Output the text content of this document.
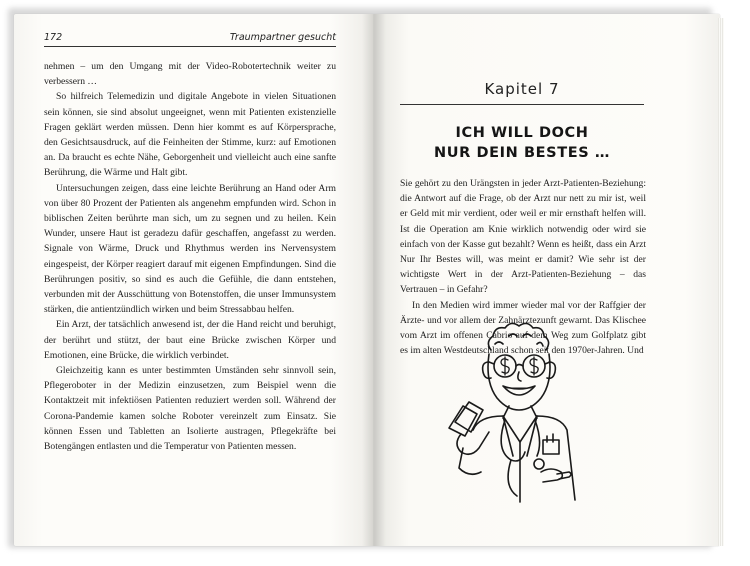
172	Traumpartner gesucht

nehmen – um den Umgang mit der Video-Robotertechnik weiter zu verbessern …

So hilfreich Telemedizin und digitale Angebote in vielen Situationen sein können, sie sind absolut ungeeignet, wenn mit Patienten existenzielle Fragen geklärt werden müssen. Denn hier kommt es auf Körpersprache, den Gesichtsausdruck, auf die Feinheiten der Stimme, kurz: auf Emotionen an. Da braucht es echte Nähe, Geborgenheit und vielleicht auch eine sanfte Berührung, die Wärme und Halt gibt.

Untersuchungen zeigen, dass eine leichte Berührung an Hand oder Arm von über 80 Prozent der Patienten als angenehm empfunden wird. Schon in biblischen Zeiten berührte man sich, um zu segnen und zu heilen. Kein Wunder, unsere Haut ist geradezu dafür geschaffen, angefasst zu werden. Signale von Wärme, Druck und Rhythmus werden ins Nervensystem eingespeist, der Körper reagiert darauf mit eigenen Empfindungen. Sind die Berührungen positiv, so sind es auch die Gefühle, die dann entstehen, verbunden mit der Ausschüttung von Botenstoffen, die unser Immunsystem stärken, die antientzündlich wirken und beim Stressabbau helfen.

Ein Arzt, der tatsächlich anwesend ist, der die Hand reicht und beruhigt, der berührt und stützt, der baut eine Brücke zwischen Körper und Emotionen, eine Brücke, die wirklich verbindet.

Gleichzeitig kann es unter bestimmten Umständen sehr sinnvoll sein, Pflegeroboter in der Medizin einzusetzen, zum Beispiel wenn die Kontaktzeit mit infektiösen Patienten reduziert werden soll. Während der Corona-Pandemie kamen solche Roboter vereinzelt zum Einsatz. Sie können Essen und Tabletten an Isolierte austragen, Pflegekräfte bei Botengängen entlasten und die Temperatur von Patienten messen.

Kapitel 7
ICH WILL DOCH
NUR DEIN BESTES …

Sie gehört zu den Urängsten in jeder Arzt-Patienten-Beziehung: die Antwort auf die Frage, ob der Arzt nur nett zu mir ist, weil er Geld mit mir verdient, oder weil er mir ernsthaft helfen will. Ist die Operation am Knie wirklich notwendig oder wird sie einfach von der Kasse gut bezahlt? Wenn es heißt, dass ein Arzt Nur Ihr Bestes will, was meint er damit? Wie sehr ist der wichtigste Wert in der Arzt-Patienten-Beziehung – das Vertrauen – in Gefahr?

In den Medien wird immer wieder mal vor der Raffgier der Ärzte- und vor allem der Zahnärztezunft gewarnt. Das Klischee vom Arzt im offenen Cabrio auf dem Weg zum Golfplatz gibt es im alten Westdeutschland schon seit den 1970er-Jahren. Und
